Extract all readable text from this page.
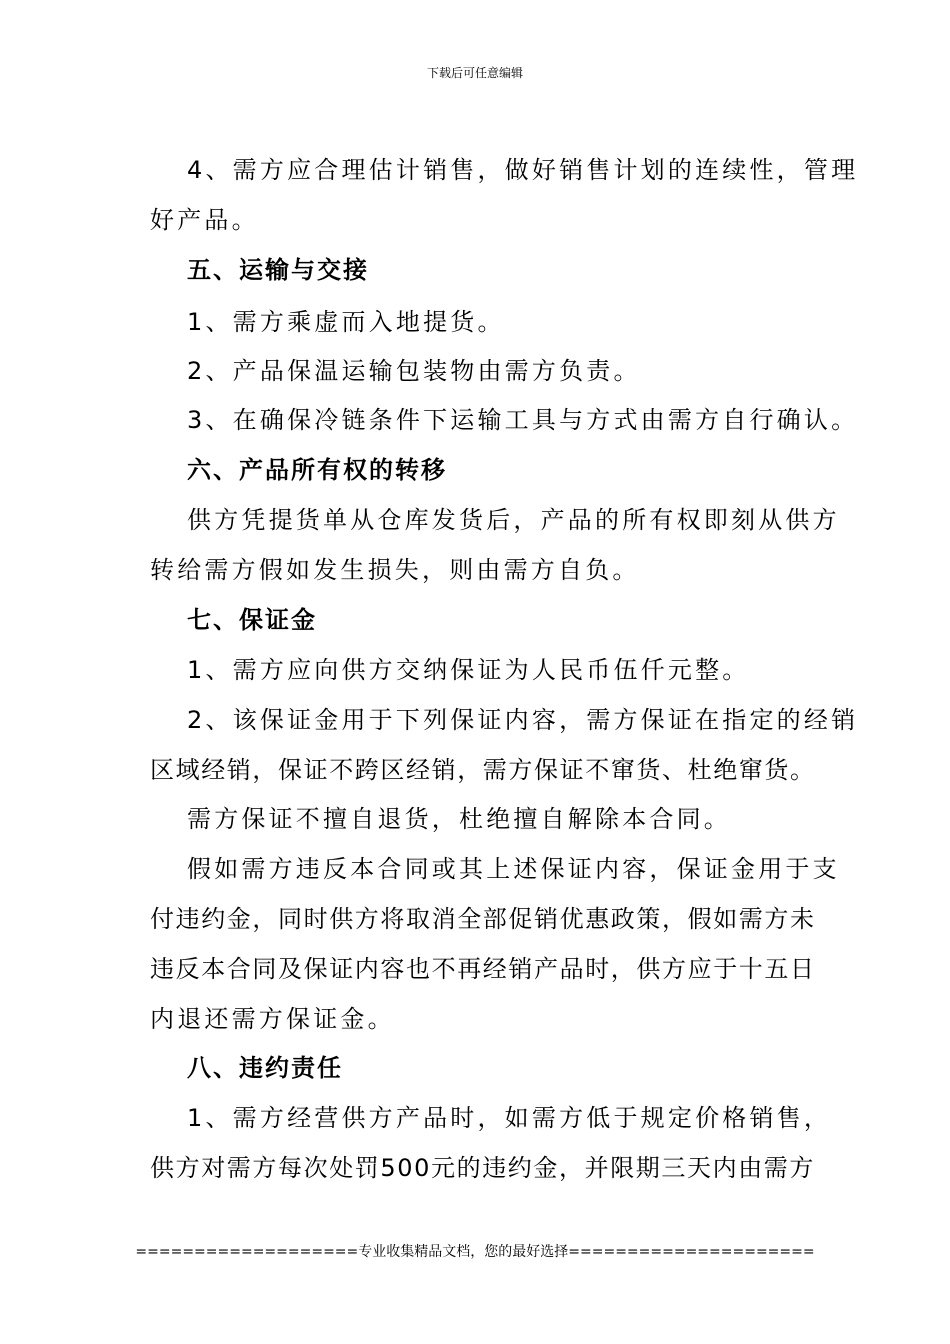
下载后可任意编辑
4、需方应合理估计销售，做好销售计划的连续性，管理
好产品。
五、运输与交接
1、需方乘虚而入地提货。
2、产品保温运输包装物由需方负责。
3、在确保冷链条件下运输工具与方式由需方自行确认。
六、产品所有权的转移
供方凭提货单从仓库发货后，产品的所有权即刻从供方
转给需方假如发生损失，则由需方自负。
七、保证金
1、需方应向供方交纳保证为人民币伍仟元整。
2、该保证金用于下列保证内容，需方保证在指定的经销
区域经销，保证不跨区经销，需方保证不窜货、杜绝窜货。
需方保证不擅自退货，杜绝擅自解除本合同。
假如需方违反本合同或其上述保证内容，保证金用于支
付违约金，同时供方将取消全部促销优惠政策，假如需方未
违反本合同及保证内容也不再经销产品时，供方应于十五日
内退还需方保证金。
八、违约责任
1、需方经营供方产品时，如需方低于规定价格销售，
供方对需方每次处罚500元的违约金，并限期三天内由需方
===================专业收集精品文档，您的最好选择=====================
